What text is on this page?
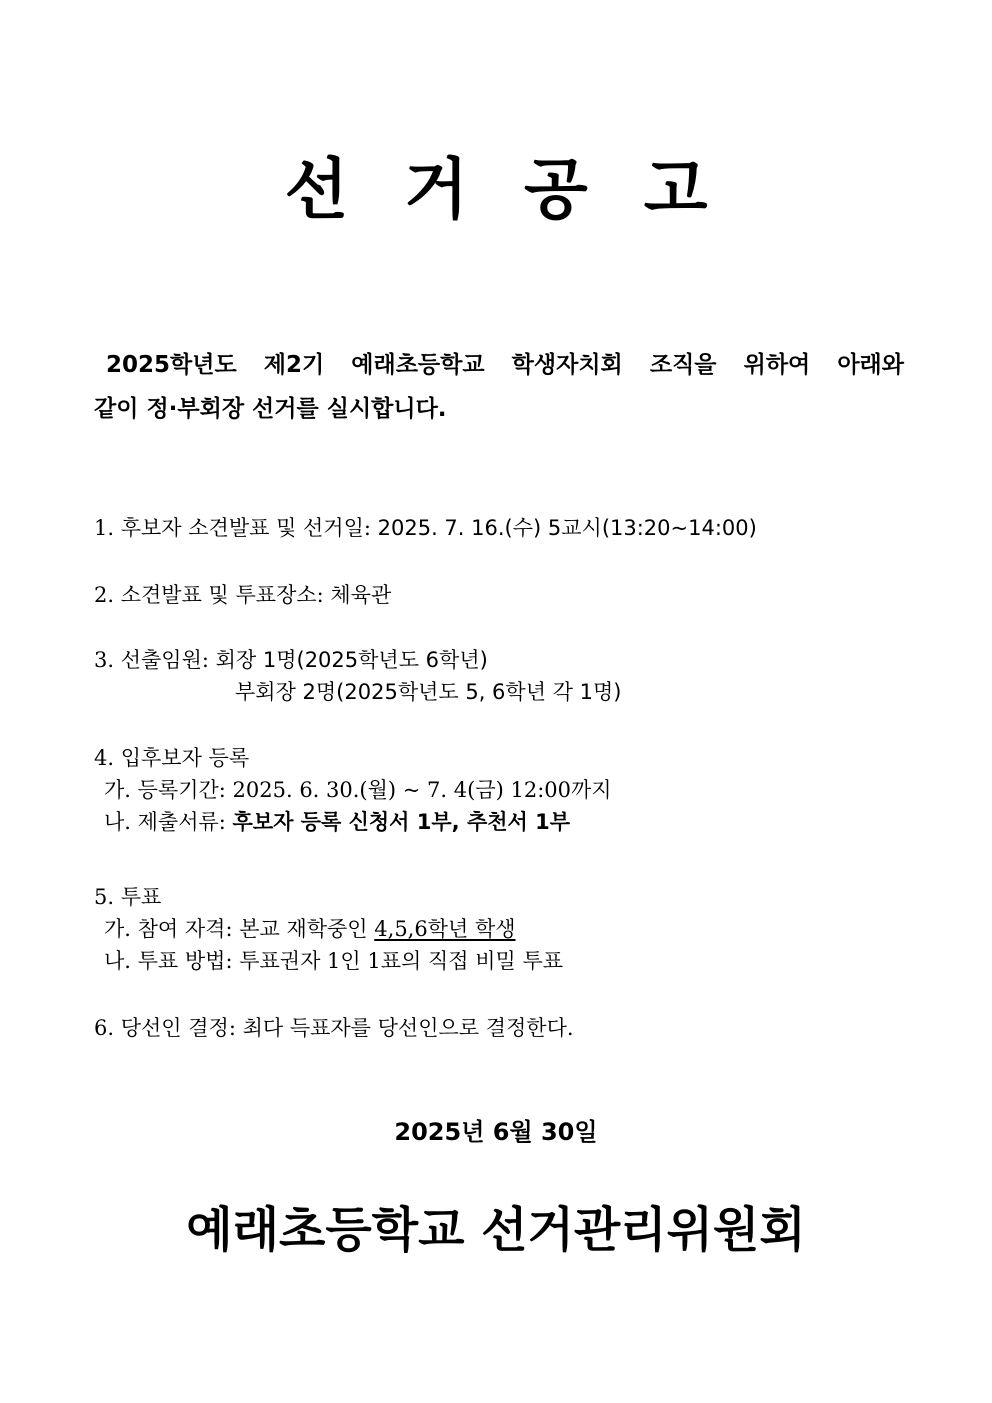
선 거 공 고
2025학년도 제2기 예래초등학교 학생자치회 조직을 위하여 아래와
같이 정·부회장 선거를 실시합니다.
1. 후보자 소견발표 및 선거일: 2025. 7. 16.(수) 5교시(13:20~14:00)
2. 소견발표 및 투표장소: 체육관
3. 선출임원: 회장 1명(2025학년도 6학년)
부회장 2명(2025학년도 5, 6학년 각 1명)
4. 입후보자 등록
가. 등록기간: 2025. 6. 30.(월) ~ 7. 4(금) 12:00까지
나. 제출서류: 후보자 등록 신청서 1부, 추천서 1부
5. 투표
가. 참여 자격: 본교 재학중인 4,5,6학년 학생
나. 투표 방법: 투표권자 1인 1표의 직접 비밀 투표
6. 당선인 결정: 최다 득표자를 당선인으로 결정한다.
2025년 6월 30일
예래초등학교 선거관리위원회
